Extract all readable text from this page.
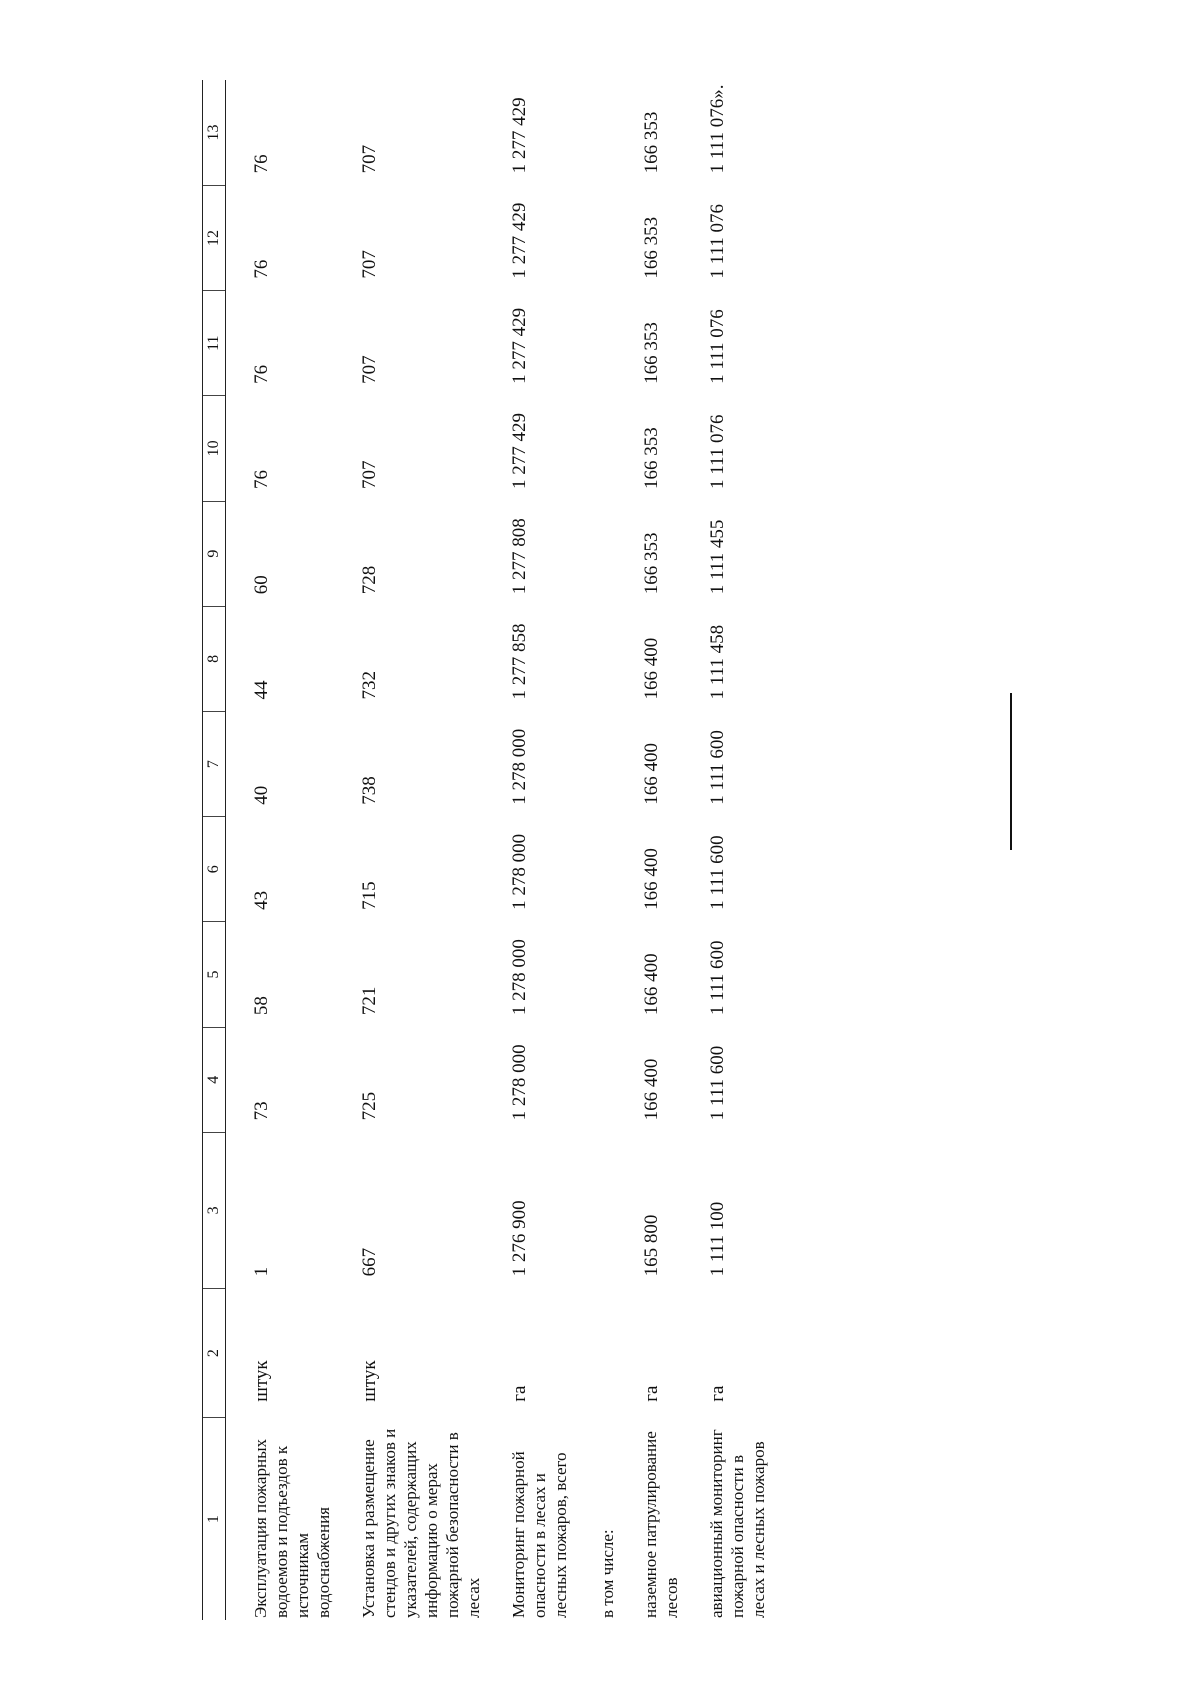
1	2	3	4	5	6	7	8	9	10	11	12	13
Эксплуатация пожарных водоемов и подъездов к источникам водоснабжения	штук	1	73	58	43	40	44	60	76	76	76	76
Установка и размещение стендов и других знаков и указателей, содержащих информацию о мерах пожарной безопасности в лесах	штук	667	725	721	715	738	732	728	707	707	707	707
Мониторинг пожарной опасности в лесах и лесных пожаров, всего	га	1 276 900	1 278 000	1 278 000	1 278 000	1 278 000	1 277 858	1 277 808	1 277 429	1 277 429	1 277 429	1 277 429
в том числе:												
наземное патрулирование лесов	га	165 800	166 400	166 400	166 400	166 400	166 400	166 353	166 353	166 353	166 353	166 353
авиационный мониторинг пожарной опасности в лесах и лесных пожаров	га	1 111 100	1 111 600	1 111 600	1 111 600	1 111 600	1 111 458	1 111 455	1 111 076	1 111 076	1 111 076	1 111 076».
